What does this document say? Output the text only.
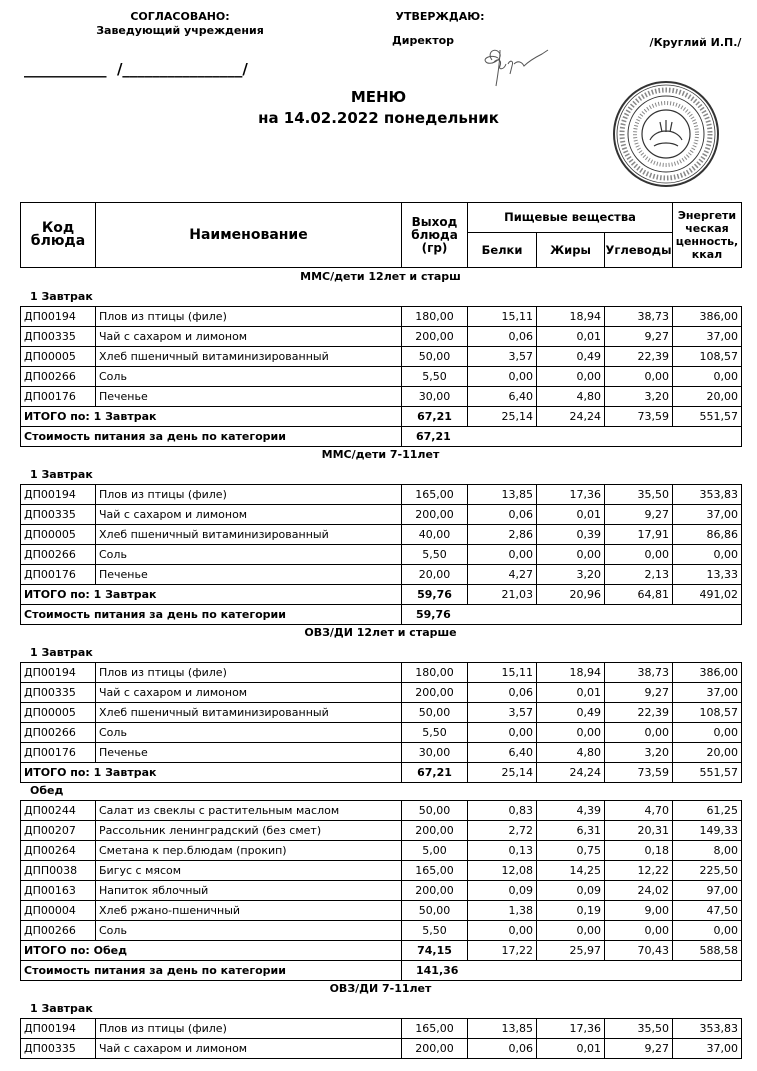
СОГЛАСОВАНО:
Заведующий учреждения
___________  /________________/
УТВЕРЖДАЮ:
Директор	/Круглий И.П./
МЕНЮ
на 14.02.2022 понедельник
Код блюда	Наименование	Выход блюда (гр)	Пищевые вещества			Энергети ческая ценность, ккал
			Белки	Жиры	Углеводы	
ММС/дети 12лет и старш
1 Завтрак
ДП00194	Плов из птицы (филе)	180,00	15,11	18,94	38,73	386,00
ДП00335	Чай с сахаром и лимоном	200,00	0,06	0,01	9,27	37,00
ДП00005	Хлеб пшеничный витаминизированный	50,00	3,57	0,49	22,39	108,57
ДП00266	Соль	5,50	0,00	0,00	0,00	0,00
ДП00176	Печенье	30,00	6,40	4,80	3,20	20,00
ИТОГО по: 1 Завтрак		67,21	25,14	24,24	73,59	551,57
Стоимость питания за день по категории	67,21	
ММС/дети 7-11лет
1 Завтрак
ДП00194	Плов из птицы (филе)	165,00	13,85	17,36	35,50	353,83
ДП00335	Чай с сахаром и лимоном	200,00	0,06	0,01	9,27	37,00
ДП00005	Хлеб пшеничный витаминизированный	40,00	2,86	0,39	17,91	86,86
ДП00266	Соль	5,50	0,00	0,00	0,00	0,00
ДП00176	Печенье	20,00	4,27	3,20	2,13	13,33
ИТОГО по: 1 Завтрак		59,76	21,03	20,96	64,81	491,02
Стоимость питания за день по категории	59,76	
ОВЗ/ДИ 12лет и старше
1 Завтрак
ДП00194	Плов из птицы (филе)	180,00	15,11	18,94	38,73	386,00
ДП00335	Чай с сахаром и лимоном	200,00	0,06	0,01	9,27	37,00
ДП00005	Хлеб пшеничный витаминизированный	50,00	3,57	0,49	22,39	108,57
ДП00266	Соль	5,50	0,00	0,00	0,00	0,00
ДП00176	Печенье	30,00	6,40	4,80	3,20	20,00
ИТОГО по: 1 Завтрак		67,21	25,14	24,24	73,59	551,57
Обед
ДП00244	Салат из свеклы с растительным маслом	50,00	0,83	4,39	4,70	61,25
ДП00207	Рассольник ленинградский (без смет)	200,00	2,72	6,31	20,31	149,33
ДП00264	Сметана к пер.блюдам (прокип)	5,00	0,13	0,75	0,18	8,00
ДПП0038	Бигус с мясом	165,00	12,08	14,25	12,22	225,50
ДП00163	Напиток яблочный	200,00	0,09	0,09	24,02	97,00
ДП00004	Хлеб ржано-пшеничный	50,00	1,38	0,19	9,00	47,50
ДП00266	Соль	5,50	0,00	0,00	0,00	0,00
ИТОГО по: Обед		74,15	17,22	25,97	70,43	588,58
Стоимость питания за день по категории	141,36	
ОВЗ/ДИ 7-11лет
1 Завтрак
ДП00194	Плов из птицы (филе)	165,00	13,85	17,36	35,50	353,83
ДП00335	Чай с сахаром и лимоном	200,00	0,06	0,01	9,27	37,00
